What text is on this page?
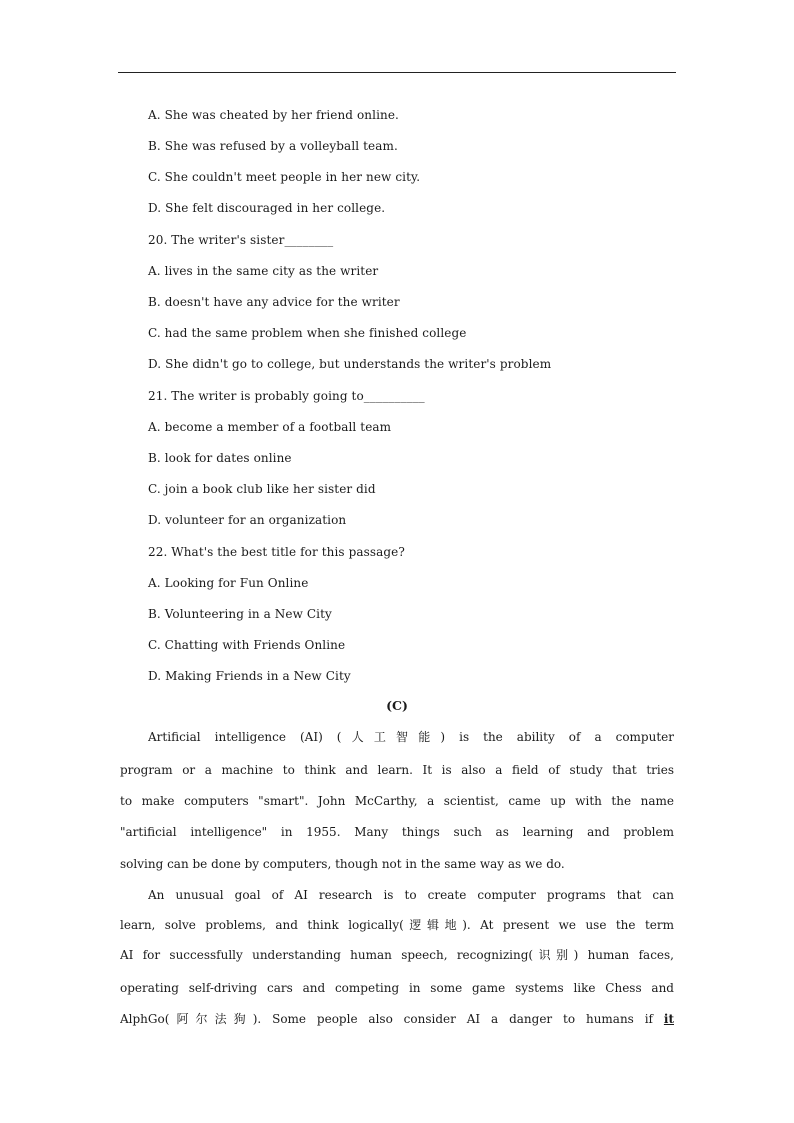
A. She was cheated by her friend online.
B. She was refused by a volleyball team.
C. She couldn't meet people in her new city.
D. She felt discouraged in her college.
20. The writer's sister________
A. lives in the same city as the writer
B. doesn't have any advice for the writer
C. had the same problem when she finished college
D. She didn't go to college, but understands the writer's problem
21. The writer is probably going to__________
A. become a member of a football team
B. look for dates online
C. join a book club like her sister did
D. volunteer for an organization
22. What's the best title for this passage?
A. Looking for Fun Online
B. Volunteering in a New City
C. Chatting with Friends Online
D. Making Friends in a New City
(C)
Artificial intelligence (AI) (人工智能) is the ability of a computer
program or a machine to think and learn. It is also a field of study that tries
to make computers "smart". John McCarthy, a scientist, came up with the name
"artificial intelligence" in 1955. Many things such as learning and problem
solving can be done by computers, though not in the same way as we do.
An unusual goal of AI research is to create computer programs that can
learn, solve problems, and think logically(逻辑地). At present we use the term
AI for successfully understanding human speech, recognizing(识别) human faces,
operating self-driving cars and competing in some game systems like Chess and
AlphGo(阿尔法狗). Some people also consider AI a danger to humans if it
